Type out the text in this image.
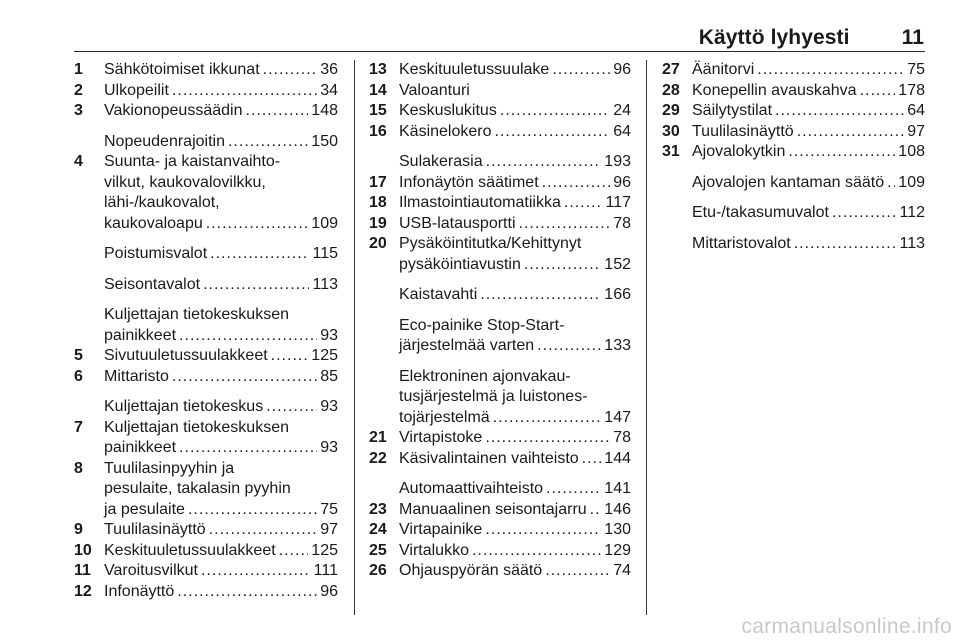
Käyttö lyhyesti 11
1 Sähkötoimiset ikkunat .....	36
2 Ulkopeilit .....	34
3 Vakionopeussäädin .....	148
Nopeudenrajoitin .....	150
4 Suunta- ja kaistanvaihto-
vilkut, kaukovalovilkku,
lähi-/kaukovalot,
kaukovaloapu .....	109
Poistumisvalot .....	115
Seisontavalot .....	113
Kuljettajan tietokeskuksen
painikkeet .....	93
5 Sivutuuletussuulakkeet .....	125
6 Mittaristo .....	85
Kuljettajan tietokeskus .....	93
7 Kuljettajan tietokeskuksen
painikkeet .....	93
8 Tuulilasinpyyhin ja
pesulaite, takalasin pyyhin
ja pesulaite .....	75
9 Tuulilasinäyttö .....	97
10 Keskituuletussuulakkeet ..... 125
11 Varoitusvilkut .....	111
12 Infonäyttö .....	96
13 Keskituuletussuulake .....	96
14 Valoanturi
15 Keskuslukitus .....	24
16 Käsinelokero .....	64
Sulakerasia .....	193
17 Infonäytön säätimet .....	96
18 Ilmastointiautomatiikka .....	117
19 USB-latausportti .....	78
20 Pysäköintitutka/Kehittynyt
pysäköintiavustin .....	152
Kaistavahti .....	166
Eco-painike Stop-Start-
järjestelmää varten .....	133
Elektroninen ajonvakau-
tusjärjestelmä ja luistones-
tojärjestelmä .....	147
21 Virtapistoke .....	78
22 Käsivalintainen vaihteisto ..... 144
Automaattivaihteisto .....	141
23 Manuaalinen seisontajarru ..... 146
24 Virtapainike .....	130
25 Virtalukko .....	129
26 Ohjauspyörän säätö .....	74
27 Äänitorvi .....	75
28 Konepellin avauskahva .....	178
29 Säilytystilat .....	64
30 Tuulilasinäyttö .....	97
31 Ajovalokytkin .....	108
Ajovalojen kantaman säätö ..... 109
Etu-/takasumuvalot .....	112
Mittaristovalot .....	113
carmanualsonline.info
